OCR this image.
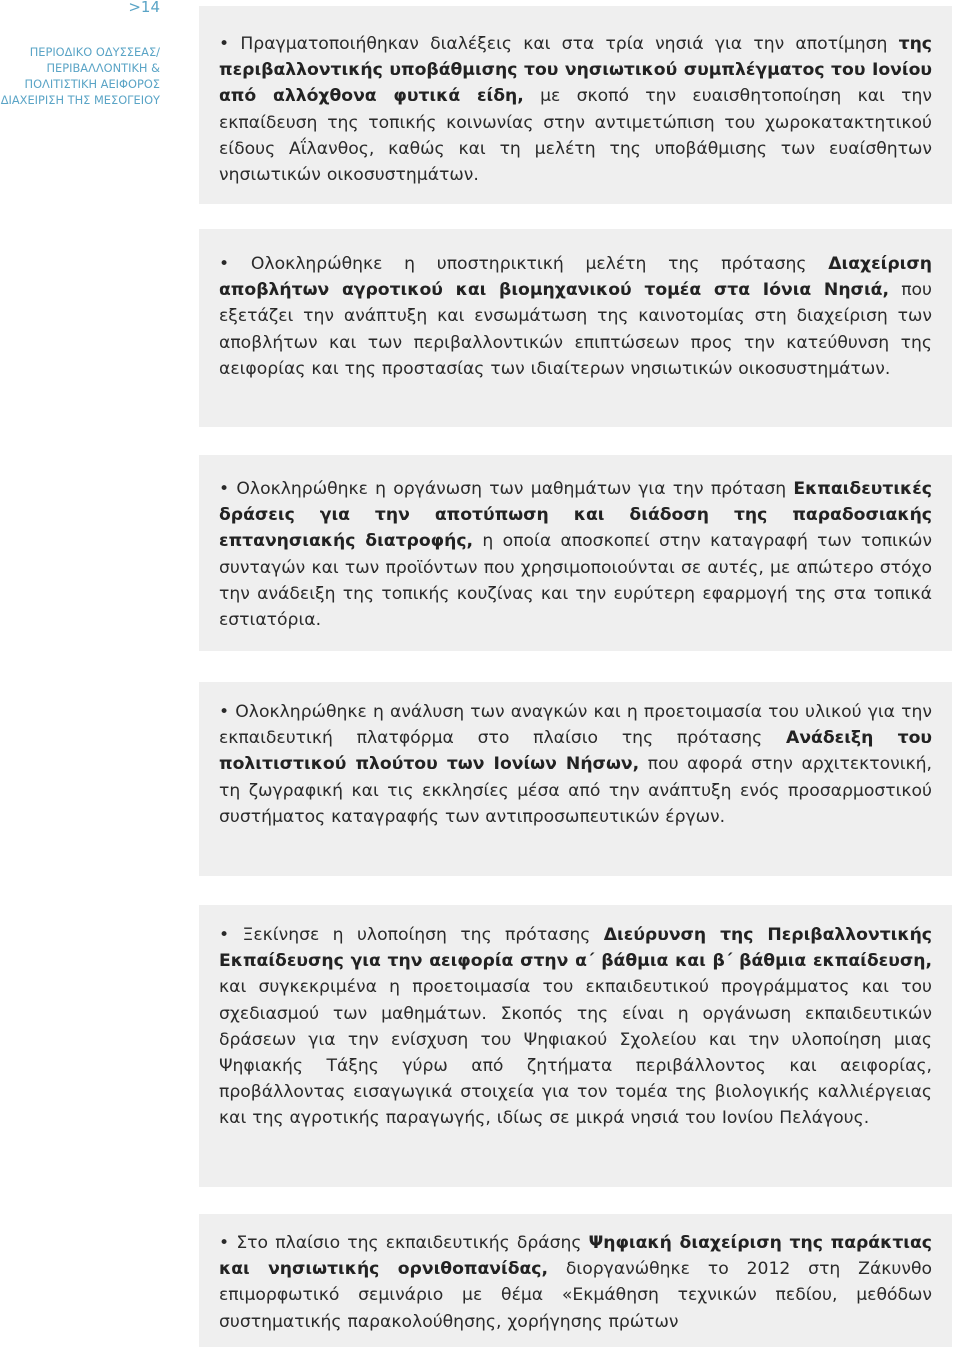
>14
ΠΕΡΙΟΔΙΚΟ ΟΔΥΣΣΕΑΣ/
ΠΕΡΙΒΑΛΛΟΝΤΙΚΗ &
ΠΟΛΙΤΙΣΤΙΚΗ ΑΕΙΦΟΡΟΣ
ΔΙΑΧΕΙΡΙΣΗ ΤΗΣ ΜΕΣΟΓΕΙΟΥ

• Πραγματοποιήθηκαν διαλέξεις και στα τρία νησιά για την αποτίμηση της περιβαλλοντικής υποβάθμισης του νησιωτικού συμπλέγματος του Ιονίου από αλλόχθονα φυτικά είδη, με σκοπό την ευαισθητοποίηση και την εκπαίδευση της τοπικής κοινωνίας στην αντιμετώπιση του χωροκατακτητικού είδους Αΐλανθος, καθώς και τη μελέτη της υποβάθμισης των ευαίσθητων νησιωτικών οικοσυστημάτων.

• Ολοκληρώθηκε η υποστηρικτική μελέτη της πρότασης Διαχείριση αποβλήτων αγροτικού και βιομηχανικού τομέα στα Ιόνια Νησιά, που εξετάζει την ανάπτυξη και ενσωμάτωση της καινοτομίας στη διαχείριση των αποβλήτων και των περιβαλλοντικών επιπτώσεων προς την κατεύθυνση της αειφορίας και της προστασίας των ιδιαίτερων νησιωτικών οικοσυστημάτων.

• Ολοκληρώθηκε η οργάνωση των μαθημάτων για την πρόταση Εκπαιδευτικές δράσεις για την αποτύπωση και διάδοση της παραδοσιακής επτανησιακής διατροφής, η οποία αποσκοπεί στην καταγραφή των τοπικών συνταγών και των προϊόντων που χρησιμοποιούνται σε αυτές, με απώτερο στόχο την ανάδειξη της τοπικής κουζίνας και την ευρύτερη εφαρμογή της στα τοπικά εστιατόρια.

• Ολοκληρώθηκε η ανάλυση των αναγκών και η προετοιμασία του υλικού για την εκπαιδευτική πλατφόρμα στο πλαίσιο της πρότασης Ανάδειξη του πολιτιστικού πλούτου των Ιονίων Νήσων, που αφορά στην αρχιτεκτονική, τη ζωγραφική και τις εκκλησίες μέσα από την ανάπτυξη ενός προσαρμοστικού συστήματος καταγραφής των αντιπροσωπευτικών έργων.

• Ξεκίνησε η υλοποίηση της πρότασης Διεύρυνση της Περιβαλλοντικής Εκπαίδευσης για την αειφορία στην α΄ βάθμια και β΄ βάθμια εκπαίδευση, και συγκεκριμένα η προετοιμασία του εκπαιδευτικού προγράμματος και του σχεδιασμού των μαθημάτων. Σκοπός της είναι η οργάνωση εκπαιδευτικών δράσεων για την ενίσχυση του Ψηφιακού Σχολείου και την υλοποίηση μιας Ψηφιακής Τάξης γύρω από ζητήματα περιβάλλοντος και αειφορίας, προβάλλοντας εισαγωγικά στοιχεία για τον τομέα της βιολογικής καλλιέργειας και της αγροτικής παραγωγής, ιδίως σε μικρά νησιά του Ιονίου Πελάγους.

• Στο πλαίσιο της εκπαιδευτικής δράσης Ψηφιακή διαχείριση της παράκτιας και νησιωτικής ορνιθοπανίδας, διοργανώθηκε το 2012 στη Ζάκυνθο επιμορφωτικό σεμινάριο με θέμα «Εκμάθηση τεχνικών πεδίου, μεθόδων συστηματικής παρακολούθησης, χορήγησης πρώτων
